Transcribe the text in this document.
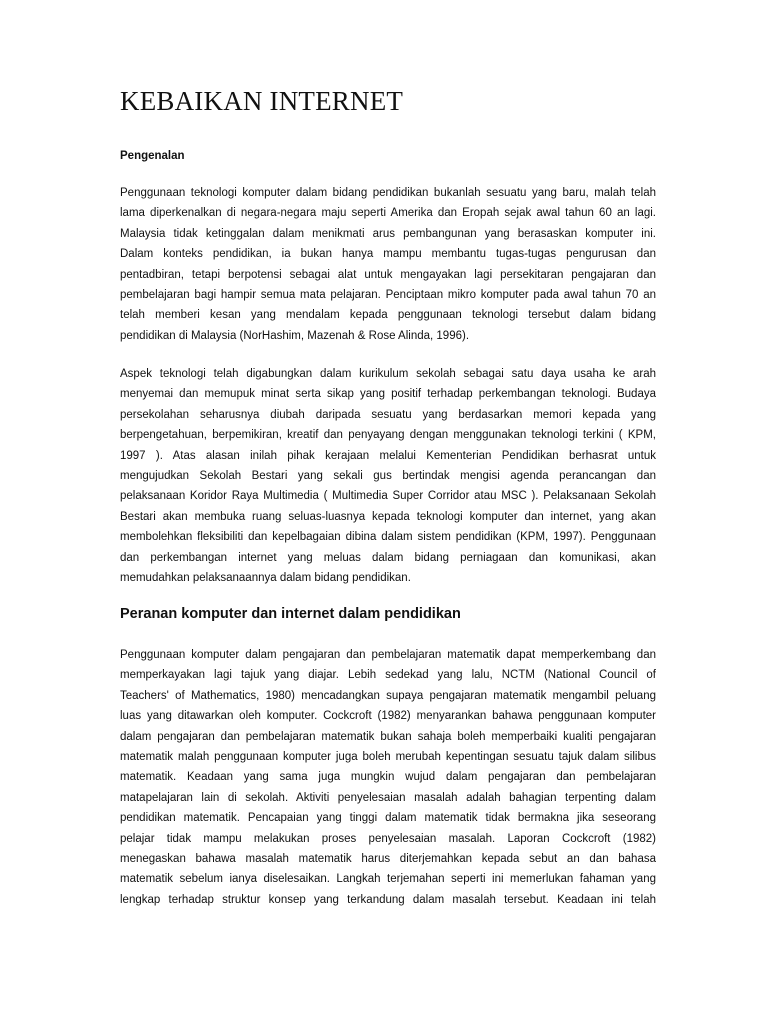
KEBAIKAN INTERNET
Pengenalan
Penggunaan teknologi komputer dalam bidang pendidikan bukanlah sesuatu yang baru, malah telah
lama diperkenalkan di negara-negara maju seperti Amerika dan Eropah sejak awal tahun 60 an lagi.
Malaysia tidak ketinggalan dalam menikmati arus pembangunan yang berasaskan komputer ini.
Dalam konteks pendidikan, ia bukan hanya mampu membantu tugas-tugas pengurusan dan
pentadbiran, tetapi berpotensi sebagai alat untuk mengayakan lagi persekitaran pengajaran dan
pembelajaran bagi hampir semua mata pelajaran. Penciptaan mikro komputer pada awal tahun 70 an
telah memberi kesan yang mendalam kepada penggunaan teknologi tersebut dalam bidang
pendidikan di Malaysia (NorHashim, Mazenah & Rose Alinda, 1996).
Aspek teknologi telah digabungkan dalam kurikulum sekolah sebagai satu daya usaha ke arah
menyemai dan memupuk minat serta sikap yang positif terhadap perkembangan teknologi. Budaya
persekolahan seharusnya diubah daripada sesuatu yang berdasarkan memori kepada yang
berpengetahuan, berpemikiran, kreatif dan penyayang dengan menggunakan teknologi terkini ( KPM,
1997 ). Atas alasan inilah pihak kerajaan melalui Kementerian Pendidikan berhasrat untuk
mengujudkan Sekolah Bestari yang sekali gus bertindak mengisi agenda perancangan dan
pelaksanaan Koridor Raya Multimedia ( Multimedia Super Corridor atau MSC ). Pelaksanaan Sekolah
Bestari akan membuka ruang seluas-luasnya kepada teknologi komputer dan internet, yang akan
membolehkan fleksibiliti dan kepelbagaian dibina dalam sistem pendidikan (KPM, 1997). Penggunaan
dan perkembangan internet yang meluas dalam bidang perniagaan dan komunikasi, akan
memudahkan pelaksanaannya dalam bidang pendidikan.
Peranan komputer dan internet dalam pendidikan
Penggunaan komputer dalam pengajaran dan pembelajaran matematik dapat memperkembang dan
memperkayakan lagi tajuk yang diajar. Lebih sedekad yang lalu, NCTM (National Council of
Teachers' of Mathematics, 1980) mencadangkan supaya pengajaran matematik mengambil peluang
luas yang ditawarkan oleh komputer. Cockcroft (1982) menyarankan bahawa penggunaan komputer
dalam pengajaran dan pembelajaran matematik bukan sahaja boleh memperbaiki kualiti pengajaran
matematik malah penggunaan komputer juga boleh merubah kepentingan sesuatu tajuk dalam silibus
matematik. Keadaan yang sama juga mungkin wujud dalam pengajaran dan pembelajaran
matapelajaran lain di sekolah. Aktiviti penyelesaian masalah adalah bahagian terpenting dalam
pendidikan matematik. Pencapaian yang tinggi dalam matematik tidak bermakna jika seseorang
pelajar tidak mampu melakukan proses penyelesaian masalah. Laporan Cockcroft (1982)
menegaskan bahawa masalah matematik harus diterjemahkan kepada sebut an dan bahasa
matematik sebelum ianya diselesaikan. Langkah terjemahan seperti ini memerlukan fahaman yang
lengkap terhadap struktur konsep yang terkandung dalam masalah tersebut. Keadaan ini telah
